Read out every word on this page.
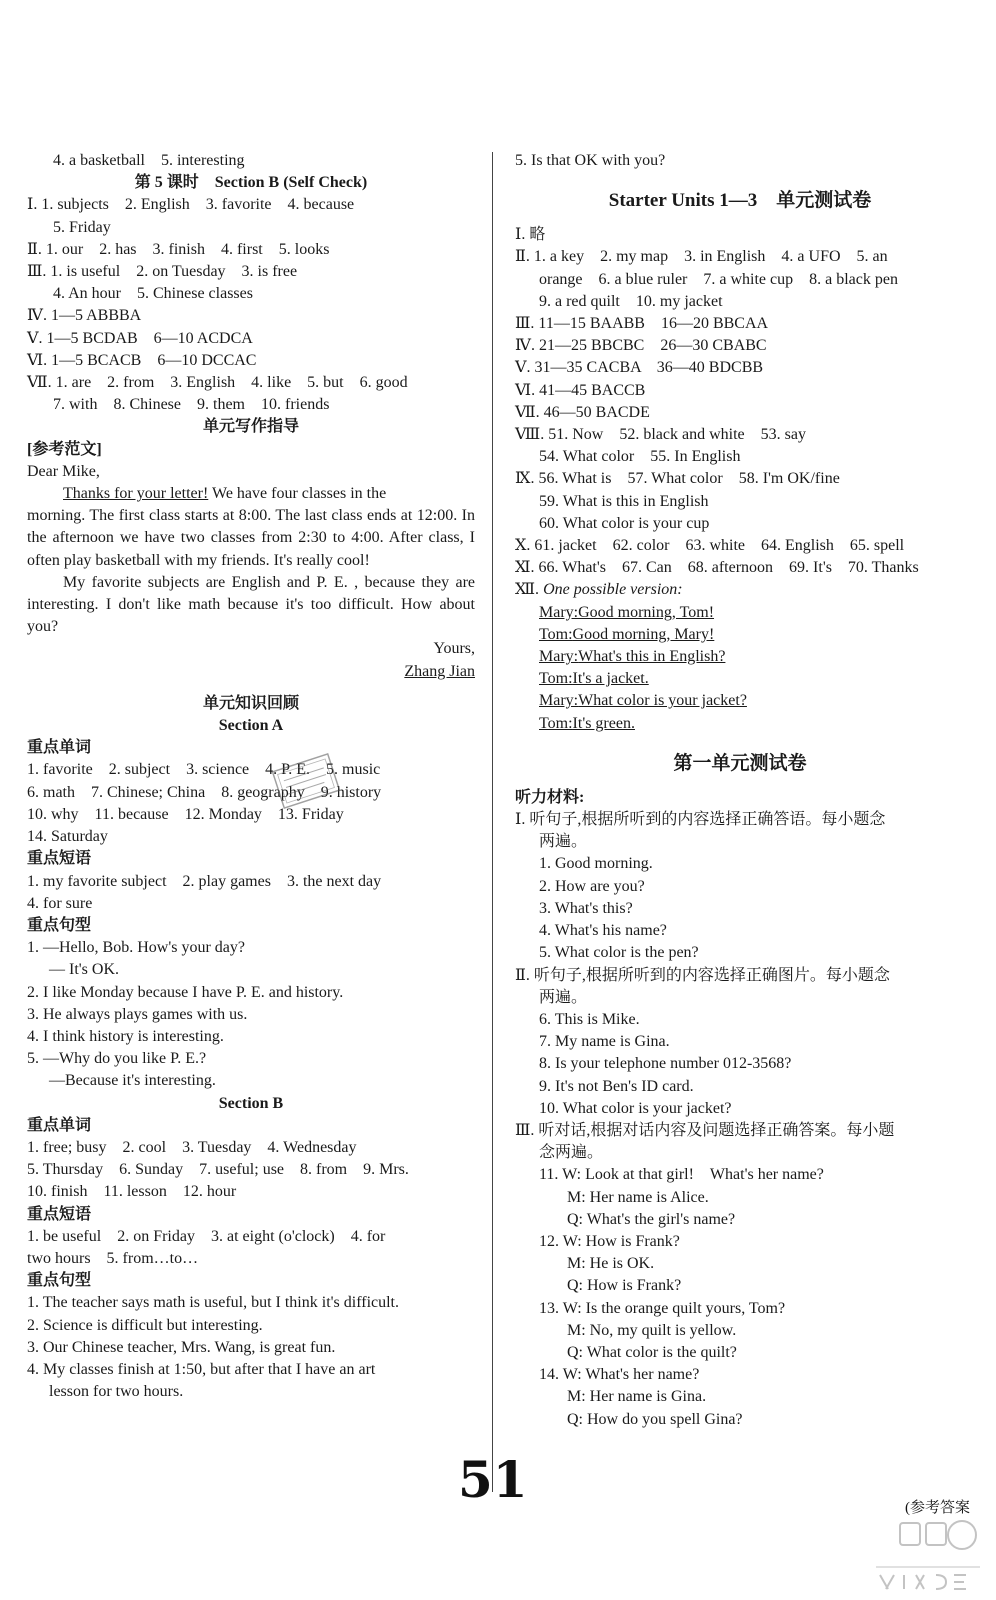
4. a basketball　5. interesting
第 5 课时　Section B (Self Check)
Ⅰ. 1. subjects　2. English　3. favorite　4. because
5. Friday
Ⅱ. 1. our　2. has　3. finish　4. first　5. looks
Ⅲ. 1. is useful　2. on Tuesday　3. is free
4. An hour　5. Chinese classes
Ⅳ. 1—5 ABBBA
Ⅴ. 1—5 BCDAB　6—10 ACDCA
Ⅵ. 1—5 BCACB　6—10 DCCAC
Ⅶ. 1. are　2. from　3. English　4. like　5. but　6. good
7. with　8. Chinese　9. them　10. friends
单元写作指导
[参考范文]
Dear Mike,
Thanks for your letter! We have four classes in the
morning. The first class starts at 8:00. The last class ends at 12:00. In the afternoon we have two classes from 2:30 to 4:00. After class, I often play basketball with my friends. It's really cool!
My favorite subjects are English and P. E. , because they are interesting. I don't like math because it's too difficult. How about you?
Yours,
Zhang Jian
单元知识回顾
Section A
重点单词
1. favorite　2. subject　3. science　4. P. E.　5. music
6. math　7. Chinese; China　8. geography　9. history
10. why　11. because　12. Monday　13. Friday
14. Saturday
重点短语
1. my favorite subject　2. play games　3. the next day
4. for sure
重点句型
1. —Hello, Bob. How's your day?
— It's OK.
2. I like Monday because I have P. E. and history.
3. He always plays games with us.
4. I think history is interesting.
5. —Why do you like P. E.?
—Because it's interesting.
Section B
重点单词
1. free; busy　2. cool　3. Tuesday　4. Wednesday
5. Thursday　6. Sunday　7. useful; use　8. from　9. Mrs.
10. finish　11. lesson　12. hour
重点短语
1. be useful　2. on Friday　3. at eight (o'clock)　4. for
two hours　5. from…to…
重点句型
1. The teacher says math is useful, but I think it's difficult.
2. Science is difficult but interesting.
3. Our Chinese teacher, Mrs. Wang, is great fun.
4. My classes finish at 1:50, but after that I have an art
lesson for two hours.
5. Is that OK with you?
Starter Units 1—3　单元测试卷
Ⅰ. 略
Ⅱ. 1. a key　2. my map　3. in English　4. a UFO　5. an
orange　6. a blue ruler　7. a white cup　8. a black pen
9. a red quilt　10. my jacket
Ⅲ. 11—15 BAABB　16—20 BBCAA
Ⅳ. 21—25 BBCBC　26—30 CBABC
Ⅴ. 31—35 CACBA　36—40 BDCBB
Ⅵ. 41—45 BACCB
Ⅶ. 46—50 BACDE
Ⅷ. 51. Now　52. black and white　53. say
54. What color　55. In English
Ⅸ. 56. What is　57. What color　58. I'm OK/fine
59. What is this in English
60. What color is your cup
Ⅹ. 61. jacket　62. color　63. white　64. English　65. spell
Ⅺ. 66. What's　67. Can　68. afternoon　69. It's　70. Thanks
Ⅻ. One possible version:
Mary:Good morning, Tom!
Tom:Good morning, Mary!
Mary:What's this in English?
Tom:It's a jacket.
Mary:What color is your jacket?
Tom:It's green.
第一单元测试卷
听力材料:
Ⅰ. 听句子,根据所听到的内容选择正确答语。每小题念
两遍。
1. Good morning.
2. How are you?
3. What's this?
4. What's his name?
5. What color is the pen?
Ⅱ. 听句子,根据所听到的内容选择正确图片。每小题念
两遍。
6. This is Mike.
7. My name is Gina.
8. Is your telephone number 012-3568?
9. It's not Ben's ID card.
10. What color is your jacket?
Ⅲ. 听对话,根据对话内容及问题选择正确答案。每小题
念两遍。
11. W: Look at that girl!　What's her name?
M: Her name is Alice.
Q: What's the girl's name?
12. W: How is Frank?
M: He is OK.
Q: How is Frank?
13. W: Is the orange quilt yours, Tom?
M: No, my quilt is yellow.
Q: What color is the quilt?
14. W: What's her name?
M: Her name is Gina.
Q: How do you spell Gina?
51	(参考答案
